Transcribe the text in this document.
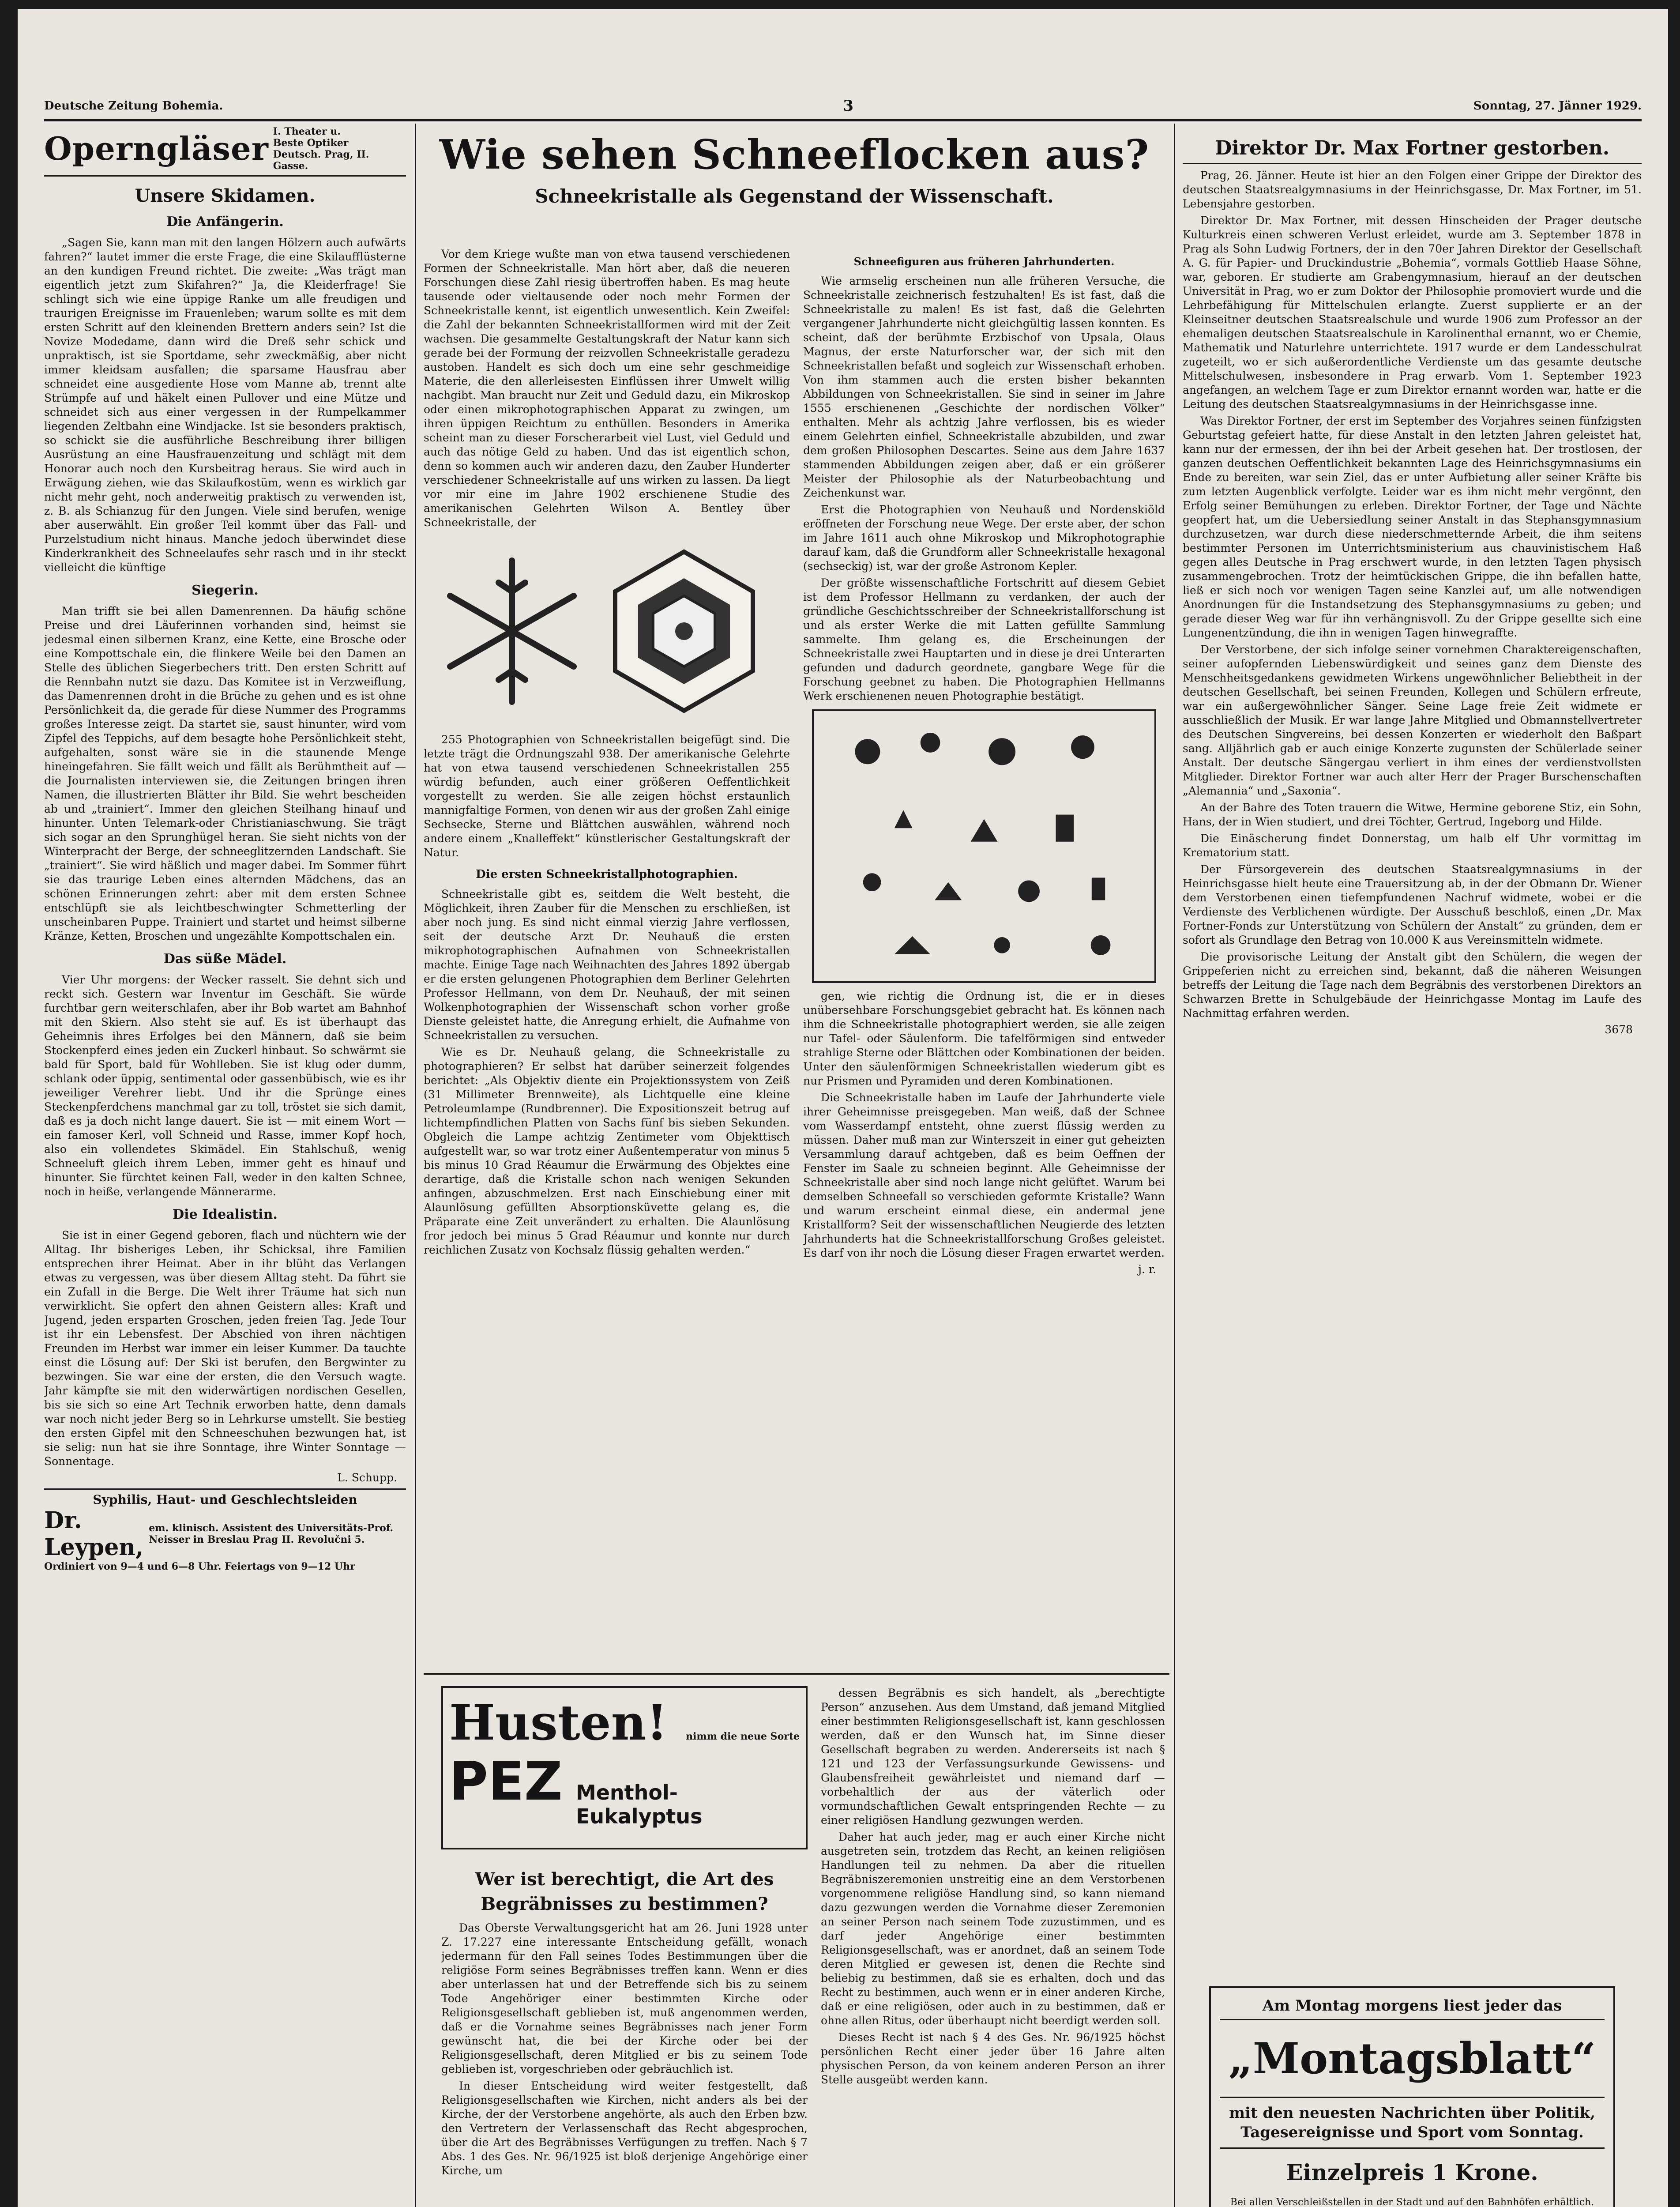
Deutsche Zeitung Bohemia.	3	Sonntag, 27. Jänner 1929.
Operngläser I. Theater u. Beste Optiker Deutsch. Prag, II. Gasse.
Unsere Skidamen.
Die Anfängerin.

„Sagen Sie, kann man mit den langen Hölzern auch aufwärts fahren?“ lautet immer die erste Frage, die eine Skilaufflüsterne an den kundigen Freund richtet. Die zweite: „Was trägt man eigentlich jetzt zum Skifahren?“ Ja, die Kleiderfrage! Sie schlingt sich wie eine üppige Ranke um alle freudigen und traurigen Ereignisse im Frauenleben; warum sollte es mit dem ersten Schritt auf den kleinenden Brettern anders sein? Ist die Novize Modedame, dann wird die Dreß sehr schick und unpraktisch, ist sie Sportdame, sehr zweckmäßig, aber nicht immer kleidsam ausfallen; die sparsame Hausfrau aber schneidet eine ausgediente Hose vom Manne ab, trennt alte Strümpfe auf und häkelt einen Pullover und eine Mütze und schneidet sich aus einer vergessen in der Rumpelkammer liegenden Zeltbahn eine Windjacke. Ist sie besonders praktisch, so schickt sie die ausführliche Beschreibung ihrer billigen Ausrüstung an eine Hausfrauenzeitung und schlägt mit dem Honorar auch noch den Kursbeitrag heraus. Sie wird auch in Erwägung ziehen, wie das Skilaufkostüm, wenn es wirklich gar nicht mehr geht, noch anderweitig praktisch zu verwenden ist, z. B. als Schianzug für den Jungen. Viele sind berufen, wenige aber auserwählt. Ein großer Teil kommt über das Fall- und Purzelstudium nicht hinaus. Manche jedoch überwindet diese Kinderkrankheit des Schneelaufes sehr rasch und in ihr steckt vielleicht die künftige

Siegerin.

Man trifft sie bei allen Damenrennen. Da häufig schöne Preise und drei Läuferinnen vorhanden sind, heimst sie jedesmal einen silbernen Kranz, eine Kette, eine Brosche oder eine Kompottschale ein, die flinkere Weile bei den Damen an Stelle des üblichen Siegerbechers tritt. Den ersten Schritt auf die Rennbahn nutzt sie dazu. Das Komitee ist in Verzweiflung, das Damenrennen droht in die Brüche zu gehen und es ist ohne Persönlichkeit da, die gerade für diese Nummer des Programms großes Interesse zeigt. Da startet sie, saust hinunter, wird vom Zipfel des Teppichs, auf dem besagte hohe Persönlichkeit steht, aufgehalten, sonst wäre sie in die staunende Menge hineingefahren. Sie fällt weich und fällt als Berühmtheit auf — die Journalisten interviewen sie, die Zeitungen bringen ihren Namen, die illustrierten Blätter ihr Bild. Sie wehrt bescheiden ab und „trainiert“. Immer den gleichen Steilhang hinauf und hinunter. Unten Telemark-oder Christianiaschwung. Sie trägt sich sogar an den Sprunghügel heran. Sie sieht nichts von der Winterpracht der Berge, der schneeglitzernden Landschaft. Sie „trainiert“. Sie wird häßlich und mager dabei. Im Sommer führt sie das traurige Leben eines alternden Mädchens, das an schönen Erinnerungen zehrt: aber mit dem ersten Schnee entschlüpft sie als leichtbeschwingter Schmetterling der unscheinbaren Puppe. Trainiert und startet und heimst silberne Kränze, Ketten, Broschen und ungezählte Kompottschalen ein.

Das süße Mädel.

Vier Uhr morgens: der Wecker rasselt. Sie dehnt sich und reckt sich. Gestern war Inventur im Geschäft. Sie würde furchtbar gern weiterschlafen, aber ihr Bob wartet am Bahnhof mit den Skiern. Also steht sie auf. Es ist überhaupt das Geheimnis ihres Erfolges bei den Männern, daß sie beim Stockenpferd eines jeden ein Zuckerl hinbaut. So schwärmt sie bald für Sport, bald für Wohlleben. Sie ist klug oder dumm, schlank oder üppig, sentimental oder gassenbübisch, wie es ihr jeweiliger Verehrer liebt. Und ihr die Sprünge eines Steckenpferdchens manchmal gar zu toll, tröstet sie sich damit, daß es ja doch nicht lange dauert. Sie ist — mit einem Wort — ein famoser Kerl, voll Schneid und Rasse, immer Kopf hoch, also ein vollendetes Skimädel. Ein Stahlschuß, wenig Schneeluft gleich ihrem Leben, immer geht es hinauf und hinunter. Sie fürchtet keinen Fall, weder in den kalten Schnee, noch in heiße, verlangende Männerarme.

Die Idealistin.

Sie ist in einer Gegend geboren, flach und nüchtern wie der Alltag. Ihr bisheriges Leben, ihr Schicksal, ihre Familien entsprechen ihrer Heimat. Aber in ihr blüht das Verlangen etwas zu vergessen, was über diesem Alltag steht. Da führt sie ein Zufall in die Berge. Die Welt ihrer Träume hat sich nun verwirklicht. Sie opfert den ahnen Geistern alles: Kraft und Jugend, jeden ersparten Groschen, jeden freien Tag. Jede Tour ist ihr ein Lebensfest. Der Abschied von ihren nächtigen Freunden im Herbst war immer ein leiser Kummer. Da tauchte einst die Lösung auf: Der Ski ist berufen, den Bergwinter zu bezwingen. Sie war eine der ersten, die den Versuch wagte. Jahr kämpfte sie mit den widerwärtigen nordischen Gesellen, bis sie sich so eine Art Technik erworben hatte, denn damals war noch nicht jeder Berg so in Lehrkurse umstellt. Sie bestieg den ersten Gipfel mit den Schneeschuhen bezwungen hat, ist sie selig: nun hat sie ihre Sonntage, ihre Winter Sonntage — Sonnentage.

L. Schupp.
Syphilis, Haut- und Geschlechtsleiden
Dr. Leypen,
em. klinisch. Assistent des Universitäts-Prof. Neisser in Breslau Prag II. Revolučni 5.
Ordiniert von 9—4 und 6—8 Uhr. Feiertags von 9—12 Uhr
Wie sehen Schneeflocken aus?
Schneekristalle als Gegenstand der Wissenschaft.

Vor dem Kriege wußte man von etwa tausend verschiedenen Formen der Schneekristalle. Man hört aber, daß die neueren Forschungen diese Zahl riesig übertroffen haben. Es mag heute tausende oder vieltausende oder noch mehr Formen der Schneekristalle kennt, ist eigentlich unwesentlich. Kein Zweifel: die Zahl der bekannten Schneekristallformen wird mit der Zeit wachsen. Die gesammelte Gestaltungskraft der Natur kann sich gerade bei der Formung der reizvollen Schneekristalle geradezu austoben. Handelt es sich doch um eine sehr geschmeidige Materie, die den allerleisesten Einflüssen ihrer Umwelt willig nachgibt. Man braucht nur Zeit und Geduld dazu, ein Mikroskop oder einen mikrophotographischen Apparat zu zwingen, um ihren üppigen Reichtum zu enthüllen. Besonders in Amerika scheint man zu dieser Forscherarbeit viel Lust, viel Geduld und auch das nötige Geld zu haben. Und das ist eigentlich schon, denn so kommen auch wir anderen dazu, den Zauber Hunderter verschiedener Schneekristalle auf uns wirken zu lassen. Da liegt vor mir eine im Jahre 1902 erschienene Studie des amerikanischen Gelehrten Wilson A. Bentley über Schneekristalle, der

255 Photographien von Schneekristallen beigefügt sind. Die letzte trägt die Ordnungszahl 938. Der amerikanische Gelehrte hat von etwa tausend verschiedenen Schneekristallen 255 würdig befunden, auch einer größeren Oeffentlichkeit vorgestellt zu werden. Sie alle zeigen höchst erstaunlich mannigfaltige Formen, von denen wir aus der großen Zahl einige Sechsecke, Sterne und Blättchen auswählen, während noch andere einem „Knalleffekt“ künstlerischer Gestaltungskraft der Natur.

Die ersten Schneekristallphotographien.

Schneekristalle gibt es, seitdem die Welt besteht, die Möglichkeit, ihren Zauber für die Menschen zu erschließen, ist aber noch jung. Es sind nicht einmal vierzig Jahre verflossen, seit der deutsche Arzt Dr. Neuhauß die ersten mikrophotographischen Aufnahmen von Schneekristallen machte. Einige Tage nach Weihnachten des Jahres 1892 übergab er die ersten gelungenen Photographien dem Berliner Gelehrten Professor Hellmann, von dem Dr. Neuhauß, der mit seinen Wolkenphotographien der Wissenschaft schon vorher große Dienste geleistet hatte, die Anregung erhielt, die Aufnahme von Schneekristallen zu versuchen.

Wie es Dr. Neuhauß gelang, die Schneekristalle zu photographieren? Er selbst hat darüber seinerzeit folgendes berichtet: „Als Objektiv diente ein Projektionssystem von Zeiß (31 Millimeter Brennweite), als Lichtquelle eine kleine Petroleumlampe (Rundbrenner). Die Expositionszeit betrug auf lichtempfindlichen Platten von Sachs fünf bis sieben Sekunden. Obgleich die Lampe achtzig Zentimeter vom Objekttisch aufgestellt war, so war trotz einer Außentemperatur von minus 5 bis minus 10 Grad Réaumur die Erwärmung des Objektes eine derartige, daß die Kristalle schon nach wenigen Sekunden anfingen, abzuschmelzen. Erst nach Einschiebung einer mit Alaunlösung gefüllten Absorptionsküvette gelang es, die Präparate eine Zeit unverändert zu erhalten. Die Alaunlösung fror jedoch bei minus 5 Grad Réaumur und konnte nur durch reichlichen Zusatz von Kochsalz flüssig gehalten werden.“

Schneefiguren aus früheren Jahrhunderten.

Wie armselig erscheinen nun alle früheren Versuche, die Schneekristalle zeichnerisch festzuhalten! Es ist fast, daß die Schneekristalle zu malen! Es ist fast, daß die Gelehrten vergangener Jahrhunderte nicht gleichgültig lassen konnten. Es scheint, daß der berühmte Erzbischof von Upsala, Olaus Magnus, der erste Naturforscher war, der sich mit den Schneekristallen befaßt und sogleich zur Wissenschaft erhoben. Von ihm stammen auch die ersten bisher bekannten Abbildungen von Schneekristallen. Sie sind in seiner im Jahre 1555 erschienenen „Geschichte der nordischen Völker“ enthalten. Mehr als achtzig Jahre verflossen, bis es wieder einem Gelehrten einfiel, Schneekristalle abzubilden, und zwar dem großen Philosophen Descartes. Seine aus dem Jahre 1637 stammenden Abbildungen zeigen aber, daß er ein größerer Meister der Philosophie als der Naturbeobachtung und Zeichenkunst war.

Erst die Photographien von Neuhauß und Nordenskiöld eröffneten der Forschung neue Wege. Der erste aber, der schon im Jahre 1611 auch ohne Mikroskop und Mikrophotographie darauf kam, daß die Grundform aller Schneekristalle hexagonal (sechseckig) ist, war der große Astronom Kepler.

Der größte wissenschaftliche Fortschritt auf diesem Gebiet ist dem Professor Hellmann zu verdanken, der auch der gründliche Geschichtsschreiber der Schneekristallforschung ist und als erster Werke die mit Latten gefüllte Sammlung sammelte. Ihm gelang es, die Erscheinungen der Schneekristalle zwei Hauptarten und in diese je drei Unterarten gefunden und dadurch geordnete, gangbare Wege für die Forschung geebnet zu haben. Die Photographien Hellmanns Werk erschienenen neuen Photographie bestätigt.

gen, wie richtig die Ordnung ist, die er in dieses unübersehbare Forschungsgebiet gebracht hat. Es können nach ihm die Schneekristalle photographiert werden, sie alle zeigen nur Tafel- oder Säulenform. Die tafelförmigen sind entweder strahlige Sterne oder Blättchen oder Kombinationen der beiden. Unter den säulenförmigen Schneekristallen wiederum gibt es nur Prismen und Pyramiden und deren Kombinationen.

Die Schneekristalle haben im Laufe der Jahrhunderte viele ihrer Geheimnisse preisgegeben. Man weiß, daß der Schnee vom Wasserdampf entsteht, ohne zuerst flüssig werden zu müssen. Daher muß man zur Winterszeit in einer gut geheizten Versammlung darauf achtgeben, daß es beim Oeffnen der Fenster im Saale zu schneien beginnt. Alle Geheimnisse der Schneekristalle aber sind noch lange nicht gelüftet. Warum bei demselben Schneefall so verschieden geformte Kristalle? Wann und warum erscheint einmal diese, ein andermal jene Kristallform? Seit der wissenschaftlichen Neugierde des letzten Jahrhunderts hat die Schneekristallforschung Großes geleistet. Es darf von ihr noch die Lösung dieser Fragen erwartet werden.

j. r.
Husten! nimm die neue Sorte
PEZ Menthol-Eukalyptus
Wer ist berechtigt, die Art des Begräbnisses zu bestimmen?

Das Oberste Verwaltungsgericht hat am 26. Juni 1928 unter Z. 17.227 eine interessante Entscheidung gefällt, wonach jedermann für den Fall seines Todes Bestimmungen über die religiöse Form seines Begräbnisses treffen kann. Wenn er dies aber unterlassen hat und der Betreffende sich bis zu seinem Tode Angehöriger einer bestimmten Kirche oder Religionsgesellschaft geblieben ist, muß angenommen werden, daß er die Vornahme seines Begräbnisses nach jener Form gewünscht hat, die bei der Kirche oder bei der Religionsgesellschaft, deren Mitglied er bis zu seinem Tode geblieben ist, vorgeschrieben oder gebräuchlich ist.

In dieser Entscheidung wird weiter festgestellt, daß Religionsgesellschaften wie Kirchen, nicht anders als bei der Kirche, der der Verstorbene angehörte, als auch den Erben bzw. den Vertretern der Verlassenschaft das Recht abgesprochen, über die Art des Begräbnisses Verfügungen zu treffen. Nach § 7 Abs. 1 des Ges. Nr. 96/1925 ist bloß derjenige Angehörige einer Kirche, um

dessen Begräbnis es sich handelt, als „berechtigte Person“ anzusehen. Aus dem Umstand, daß jemand Mitglied einer bestimmten Religionsgesellschaft ist, kann geschlossen werden, daß er den Wunsch hat, im Sinne dieser Gesellschaft begraben zu werden. Andererseits ist nach § 121 und 123 der Verfassungsurkunde Gewissens- und Glaubensfreiheit gewährleistet und niemand darf — vorbehaltlich der aus der väterlich oder vormundschaftlichen Gewalt entspringenden Rechte — zu einer religiösen Handlung gezwungen werden.

Daher hat auch jeder, mag er auch einer Kirche nicht ausgetreten sein, trotzdem das Recht, an keinen religiösen Handlungen teil zu nehmen. Da aber die rituellen Begräbniszeremonien unstreitig eine an dem Verstorbenen vorgenommene religiöse Handlung sind, so kann niemand dazu gezwungen werden die Vornahme dieser Zeremonien an seiner Person nach seinem Tode zuzustimmen, und es darf jeder Angehörige einer bestimmten Religionsgesellschaft, was er anordnet, daß an seinem Tode deren Mitglied er gewesen ist, denen die Rechte sind beliebig zu bestimmen, daß sie es erhalten, doch und das Recht zu bestimmen, auch wenn er in einer anderen Kirche, daß er eine religiösen, oder auch in zu bestimmen, daß er ohne allen Ritus, oder überhaupt nicht beerdigt werden soll.

Dieses Recht ist nach § 4 des Ges. Nr. 96/1925 höchst persönlichen Recht einer jeder über 16 Jahre alten physischen Person, da von keinem anderen Person an ihrer Stelle ausgeübt werden kann.

Direktor Dr. Max Fortner gestorben.

Prag, 26. Jänner. Heute ist hier an den Folgen einer Grippe der Direktor des deutschen Staatsrealgymnasiums in der Heinrichsgasse, Dr. Max Fortner, im 51. Lebensjahre gestorben.

Direktor Dr. Max Fortner, mit dessen Hinscheiden der Prager deutsche Kulturkreis einen schweren Verlust erleidet, wurde am 3. September 1878 in Prag als Sohn Ludwig Fortners, der in den 70er Jahren Direktor der Gesellschaft A. G. für Papier- und Druckindustrie „Bohemia“, vormals Gottlieb Haase Söhne, war, geboren. Er studierte am Grabengymnasium, hierauf an der deutschen Universität in Prag, wo er zum Doktor der Philosophie promoviert wurde und die Lehrbefähigung für Mittelschulen erlangte. Zuerst supplierte er an der Kleinseitner deutschen Staatsrealschule und wurde 1906 zum Professor an der ehemaligen deutschen Staatsrealschule in Karolinenthal ernannt, wo er Chemie, Mathematik und Naturlehre unterrichtete. 1917 wurde er dem Landesschulrat zugeteilt, wo er sich außerordentliche Verdienste um das gesamte deutsche Mittelschulwesen, insbesondere in Prag erwarb. Vom 1. September 1923 angefangen, an welchem Tage er zum Direktor ernannt worden war, hatte er die Leitung des deutschen Staatsrealgymnasiums in der Heinrichsgasse inne.

Was Direktor Fortner, der erst im September des Vorjahres seinen fünfzigsten Geburtstag gefeiert hatte, für diese Anstalt in den letzten Jahren geleistet hat, kann nur der ermessen, der ihn bei der Arbeit gesehen hat. Der trostlosen, der ganzen deutschen Oeffentlichkeit bekannten Lage des Heinrichsgymnasiums ein Ende zu bereiten, war sein Ziel, das er unter Aufbietung aller seiner Kräfte bis zum letzten Augenblick verfolgte. Leider war es ihm nicht mehr vergönnt, den Erfolg seiner Bemühungen zu erleben. Direktor Fortner, der Tage und Nächte geopfert hat, um die Uebersiedlung seiner Anstalt in das Stephansgymnasium durchzusetzen, war durch diese niederschmetternde Arbeit, die ihm seitens bestimmter Personen im Unterrichtsministerium aus chauvinistischem Haß gegen alles Deutsche in Prag erschwert wurde, in den letzten Tagen physisch zusammengebrochen. Trotz der heimtückischen Grippe, die ihn befallen hatte, ließ er sich noch vor wenigen Tagen seine Kanzlei auf, um alle notwendigen Anordnungen für die Instandsetzung des Stephansgymnasiums zu geben; und gerade dieser Weg war für ihn verhängnisvoll. Zu der Grippe gesellte sich eine Lungenentzündung, die ihn in wenigen Tagen hinwegraffte.

Der Verstorbene, der sich infolge seiner vornehmen Charaktereigenschaften, seiner aufopfernden Liebenswürdigkeit und seines ganz dem Dienste des Menschheitsgedankens gewidmeten Wirkens ungewöhnlicher Beliebtheit in der deutschen Gesellschaft, bei seinen Freunden, Kollegen und Schülern erfreute, war ein außergewöhnlicher Sänger. Seine Lage freie Zeit widmete er ausschließlich der Musik. Er war lange Jahre Mitglied und Obmannstellvertreter des Deutschen Singvereins, bei dessen Konzerten er wiederholt den Baßpart sang. Alljährlich gab er auch einige Konzerte zugunsten der Schülerlade seiner Anstalt. Der deutsche Sängergau verliert in ihm eines der verdienstvollsten Mitglieder. Direktor Fortner war auch alter Herr der Prager Burschenschaften „Alemannia“ und „Saxonia“.

An der Bahre des Toten trauern die Witwe, Hermine geborene Stiz, ein Sohn, Hans, der in Wien studiert, und drei Töchter, Gertrud, Ingeborg und Hilde.

Die Einäscherung findet Donnerstag, um halb elf Uhr vormittag im Krematorium statt.

Der Fürsorgeverein des deutschen Staatsrealgymnasiums in der Heinrichsgasse hielt heute eine Trauersitzung ab, in der der Obmann Dr. Wiener dem Verstorbenen einen tiefempfundenen Nachruf widmete, wobei er die Verdienste des Verblichenen würdigte. Der Ausschuß beschloß, einen „Dr. Max Fortner-Fonds zur Unterstützung von Schülern der Anstalt“ zu gründen, dem er sofort als Grundlage den Betrag von 10.000 K aus Vereinsmitteln widmete.

Die provisorische Leitung der Anstalt gibt den Schülern, die wegen der Grippeferien nicht zu erreichen sind, bekannt, daß die näheren Weisungen betreffs der Leitung die Tage nach dem Begräbnis des verstorbenen Direktors an Schwarzen Brette in Schulgebäude der Heinrichgasse Montag im Laufe des Nachmittag erfahren werden.

3678
Am Montag morgens liest jeder das
„Montagsblatt“
mit den neuesten Nachrichten über Politik, Tagesereignisse und Sport vom Sonntag.
Einzelpreis 1 Krone.
Bei allen Verschleißstellen in der Stadt und auf den Bahnhöfen erhältlich.
